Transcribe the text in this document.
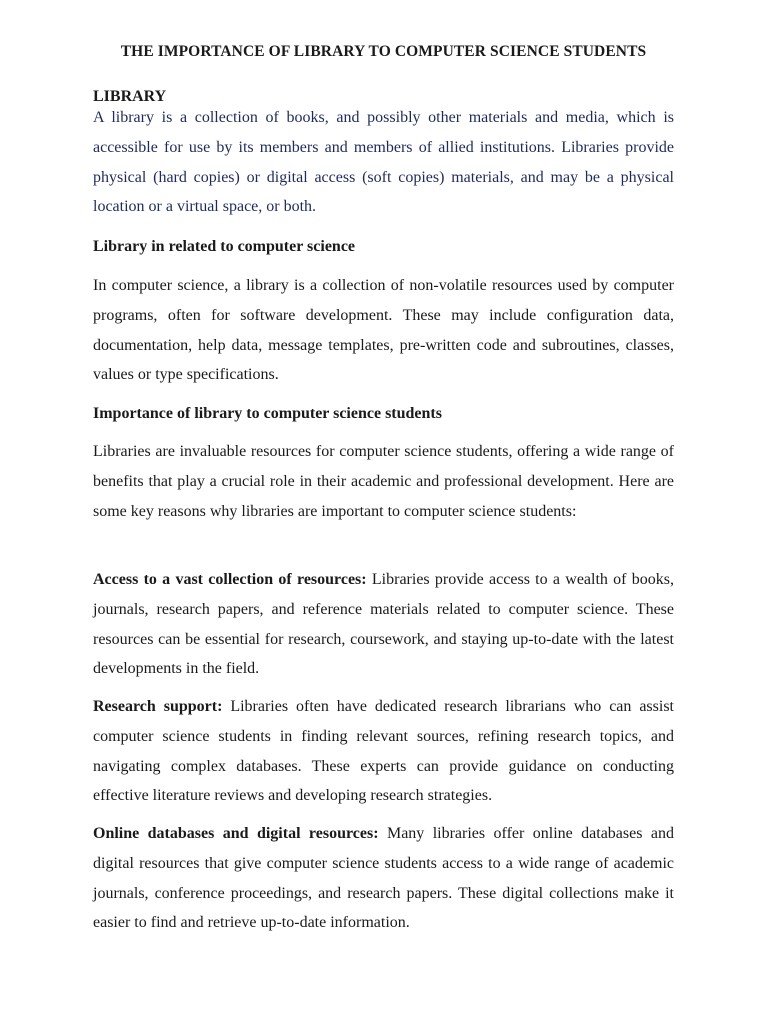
THE IMPORTANCE OF LIBRARY TO COMPUTER SCIENCE STUDENTS
LIBRARY
A library is a collection of books, and possibly other materials and media, which is accessible for use by its members and members of allied institutions. Libraries provide physical (hard copies) or digital access (soft copies) materials, and may be a physical location or a virtual space, or both.
Library in related to computer science
In computer science, a library is a collection of non-volatile resources used by computer programs, often for software development. These may include configuration data, documentation, help data, message templates, pre-written code and subroutines, classes, values or type specifications.
Importance of library to computer science students
Libraries are invaluable resources for computer science students, offering a wide range of benefits that play a crucial role in their academic and professional development. Here are some key reasons why libraries are important to computer science students:
Access to a vast collection of resources: Libraries provide access to a wealth of books, journals, research papers, and reference materials related to computer science. These resources can be essential for research, coursework, and staying up-to-date with the latest developments in the field.
Research support: Libraries often have dedicated research librarians who can assist computer science students in finding relevant sources, refining research topics, and navigating complex databases. These experts can provide guidance on conducting effective literature reviews and developing research strategies.
Online databases and digital resources: Many libraries offer online databases and digital resources that give computer science students access to a wide range of academic journals, conference proceedings, and research papers. These digital collections make it easier to find and retrieve up-to-date information.
